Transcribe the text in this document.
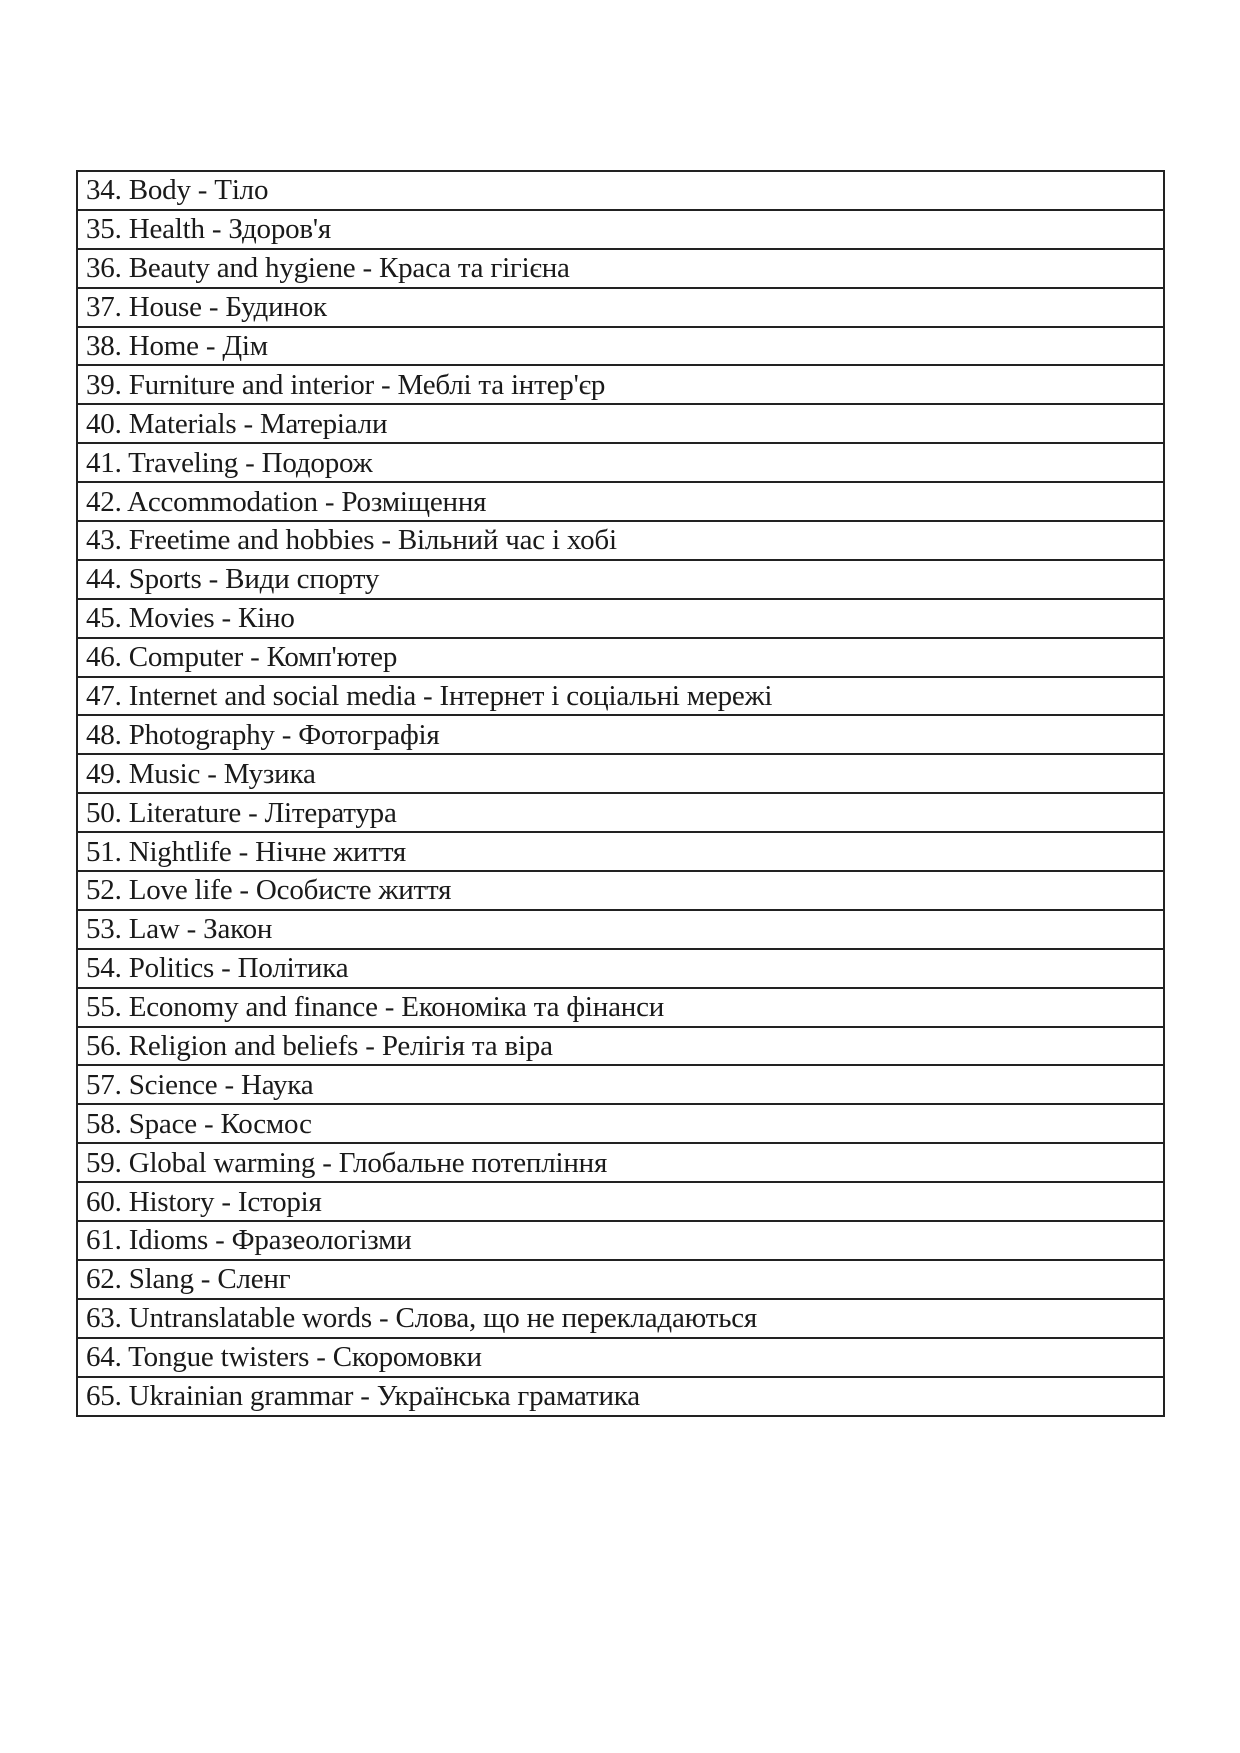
34. Body - Тіло
35. Health - Здоров'я
36. Beauty and hygiene - Краса та гігієна
37. House - Будинок
38. Home - Дім
39. Furniture and interior - Меблі та інтер'єр
40. Materials - Матеріали
41. Traveling - Подорож
42. Accommodation - Розміщення
43. Freetime and hobbies - Вільний час і хобі
44. Sports - Види спорту
45. Movies - Кіно
46. Computer - Комп'ютер
47. Internet and social media - Інтернет і соціальні мережі
48. Photography - Фотографія
49. Music - Музика
50. Literature - Література
51. Nightlife - Нічне життя
52. Love life - Особисте життя
53. Law - Закон
54. Politics - Політика
55. Economy and finance - Економіка та фінанси
56. Religion and beliefs - Релігія та віра
57. Science - Наука
58. Space - Космос
59. Global warming - Глобальне потепління
60. History - Історія
61. Idioms - Фразеологізми
62. Slang - Сленг
63. Untranslatable words - Слова, що не перекладаються
64. Tongue twisters - Скоромовки
65. Ukrainian grammar - Українська граматика
